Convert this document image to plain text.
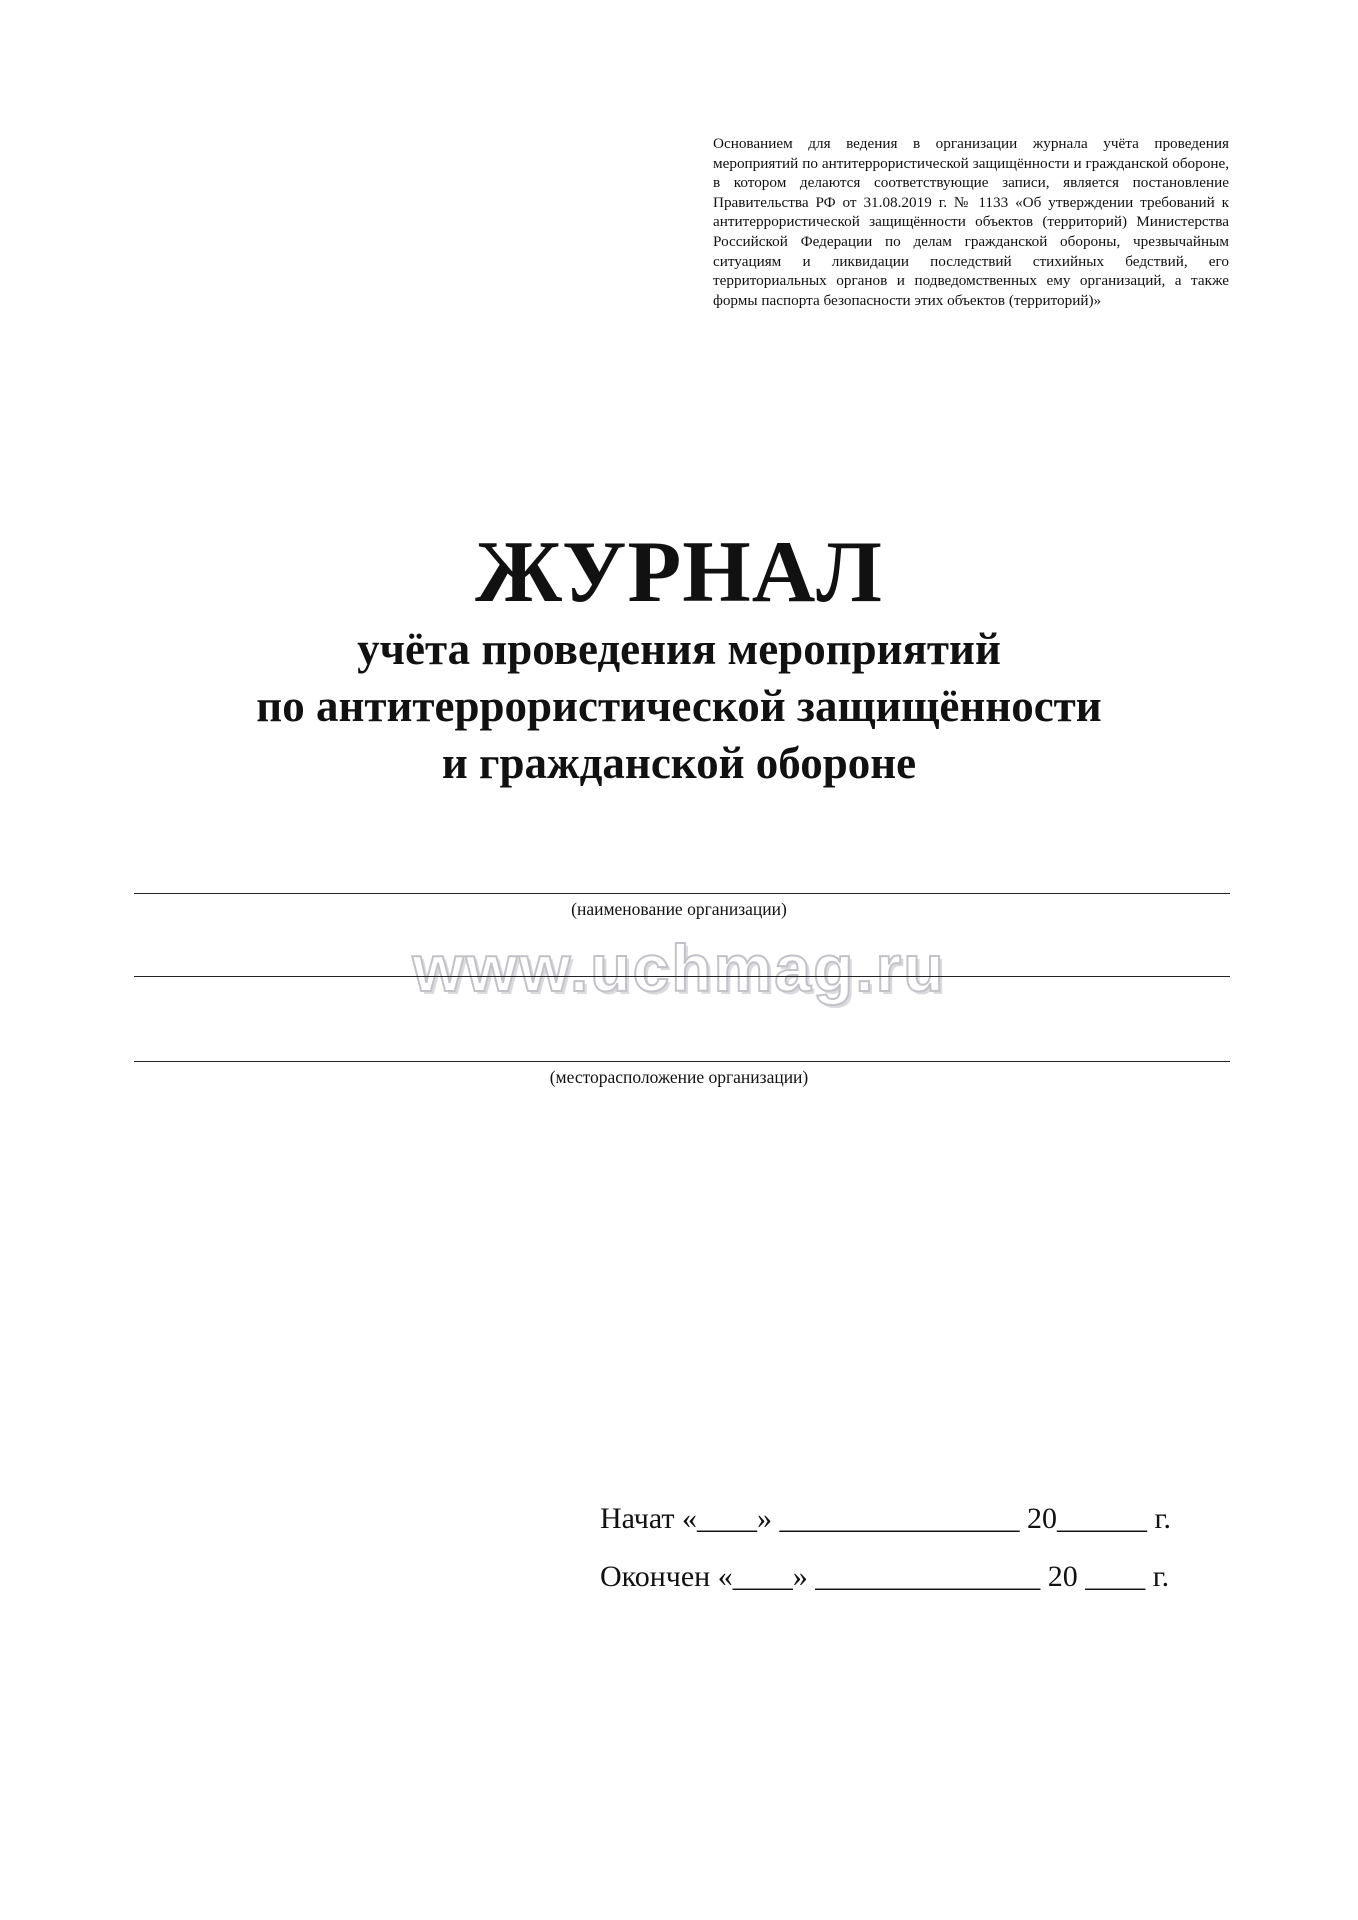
Основанием для ведения в организации журнала учёта проведения мероприятий по антитеррористической защищённости и гражданской обороне, в котором делаются соответствующие записи, является постановление Правительства РФ от 31.08.2019 г. № 1133 «Об утверждении требований к антитеррористической защищённости объектов (территорий) Министерства Российской Федерации по делам гражданской обороны, чрезвычайным ситуациям и ликвидации последствий стихийных бедствий, его территориальных органов и подведомственных ему организаций, а также формы паспорта безопасности этих объектов (территорий)»
ЖУРНАЛ
учёта проведения мероприятий
по антитеррористической защищённости
и гражданской обороне
(наименование организации)
www.uchmag.ru
(месторасположение организации)
Начат «____» ________________ 20______ г.
Окончен «____» _______________ 20 ____ г.
